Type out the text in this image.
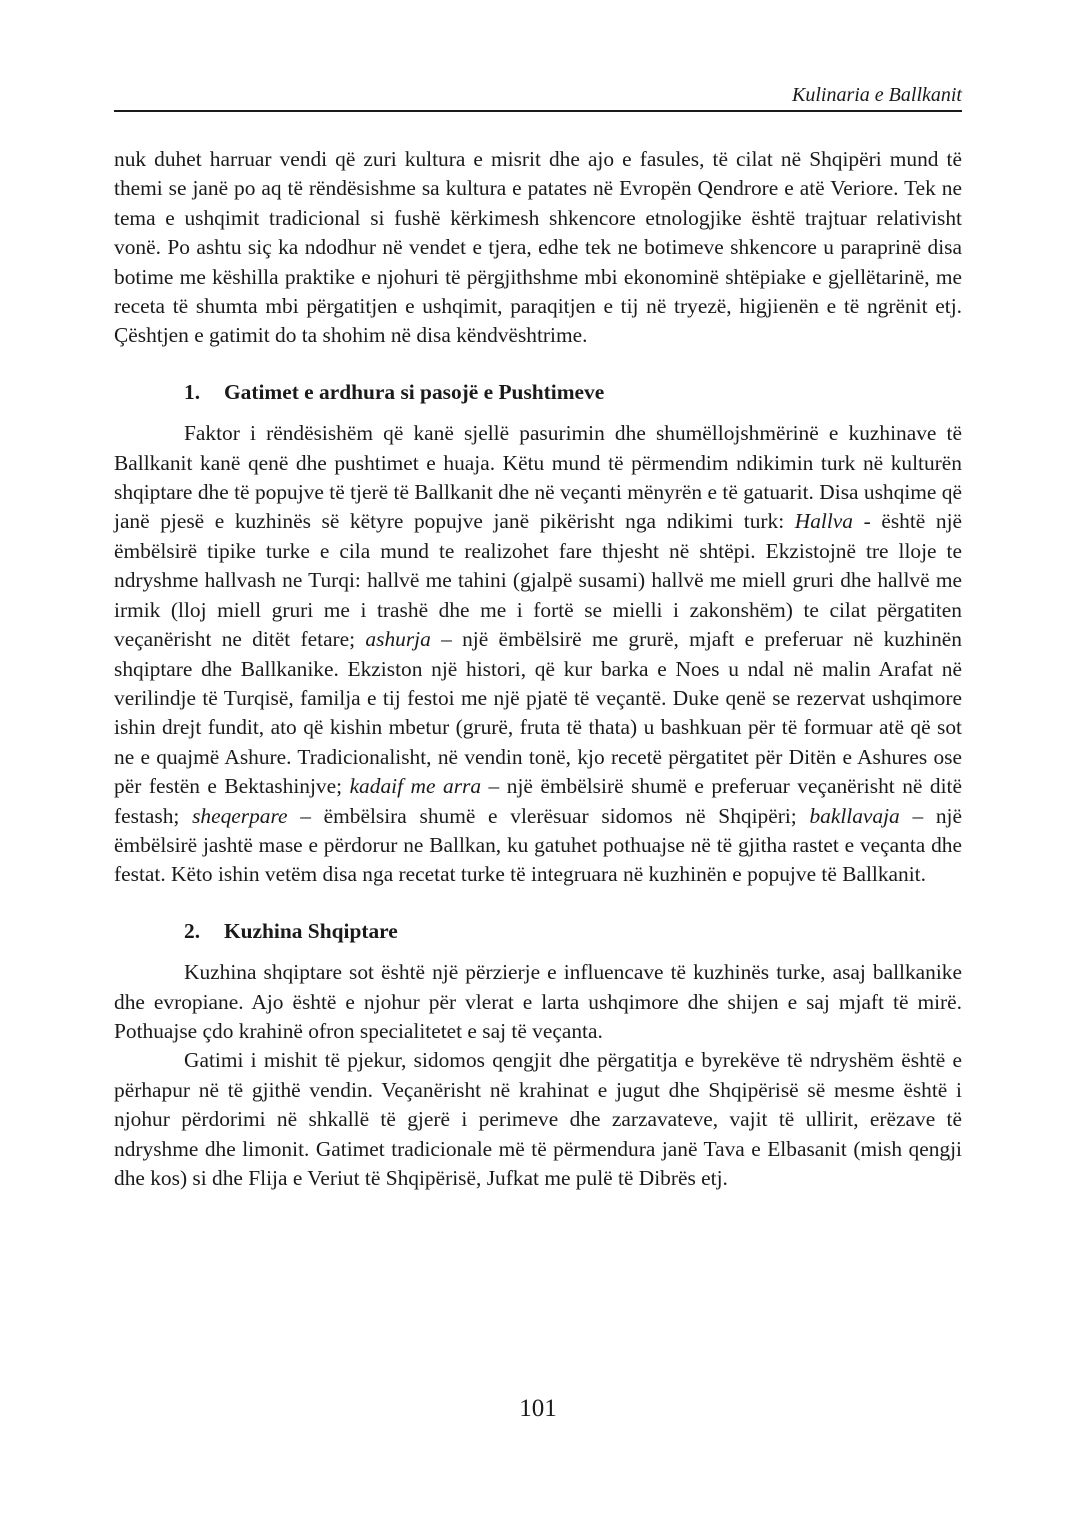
Kulinaria e Ballkanit

nuk duhet harruar vendi që zuri kultura e misrit dhe ajo e fasules, të cilat në Shqipëri mund të themi se janë po aq të rëndësishme sa kultura e patates në Evropën Qendrore e atë Veriore. Tek ne tema e ushqimit tradicional si fushë kërkimesh shkencore etnologjike është trajtuar relativisht vonë. Po ashtu siç ka ndodhur në vendet e tjera, edhe tek ne botimeve shkencore u paraprinë disa botime me këshilla praktike e njohuri të përgjithshme mbi ekonominë shtëpiake e gjellëtarinë, me receta të shumta mbi përgatitjen e ushqimit, paraqitjen e tij në tryezë, higjienën e të ngrënit etj. Çështjen e gatimit do ta shohim në disa këndvështrime.

1. Gatimet e ardhura si pasojë e Pushtimeve

Faktor i rëndësishëm që kanë sjellë pasurimin dhe shumëllojshmërinë e kuzhinave të Ballkanit kanë qenë dhe pushtimet e huaja. Këtu mund të përmendim ndikimin turk në kulturën shqiptare dhe të popujve të tjerë të Ballkanit dhe në veçanti mënyrën e të gatuarit. Disa ushqime që janë pjesë e kuzhinës së këtyre popujve janë pikërisht nga ndikimi turk: Hallva - është një ëmbëlsirë tipike turke e cila mund te realizohet fare thjesht në shtëpi. Ekzistojnë tre lloje te ndryshme hallvash ne Turqi: hallvë me tahini (gjalpë susami) hallvë me miell gruri dhe hallvë me irmik (lloj miell gruri me i trashë dhe me i fortë se mielli i zakonshëm) te cilat përgatiten veçanërisht ne ditët fetare; ashurja – një ëmbëlsirë me grurë, mjaft e preferuar në kuzhinën shqiptare dhe Ballkanike. Ekziston një histori, që kur barka e Noes u ndal në malin Arafat në verilindje të Turqisë, familja e tij festoi me një pjatë të veçantë. Duke qenë se rezervat ushqimore ishin drejt fundit, ato që kishin mbetur (grurë, fruta të thata) u bashkuan për të formuar atë që sot ne e quajmë Ashure. Tradicionalisht, në vendin tonë, kjo recetë përgatitet për Ditën e Ashures ose për festën e Bektashinjve; kadaif me arra – një ëmbëlsirë shumë e preferuar veçanërisht në ditë festash; sheqerpare – ëmbëlsira shumë e vlerësuar sidomos në Shqipëri; bakllavaja – një ëmbëlsirë jashtë mase e përdorur ne Ballkan, ku gatuhet pothuajse në të gjitha rastet e veçanta dhe festat. Këto ishin vetëm disa nga recetat turke të integruara në kuzhinën e popujve të Ballkanit.

2. Kuzhina Shqiptare

Kuzhina shqiptare sot është një përzierje e influencave të kuzhinës turke, asaj ballkanike dhe evropiane. Ajo është e njohur për vlerat e larta ushqimore dhe shijen e saj mjaft të mirë. Pothuajse çdo krahinë ofron specialitetet e saj të veçanta.

Gatimi i mishit të pjekur, sidomos qengjit dhe përgatitja e byrekëve të ndryshëm është e përhapur në të gjithë vendin. Veçanërisht në krahinat e jugut dhe Shqipërisë së mesme është i njohur përdorimi në shkallë të gjerë i perimeve dhe zarzavateve, vajit të ullirit, erëzave të ndryshme dhe limonit. Gatimet tradicionale më të përmendura janë Tava e Elbasanit (mish qengji dhe kos) si dhe Flija e Veriut të Shqipërisë, Jufkat me pulë të Dibrës etj.

101
